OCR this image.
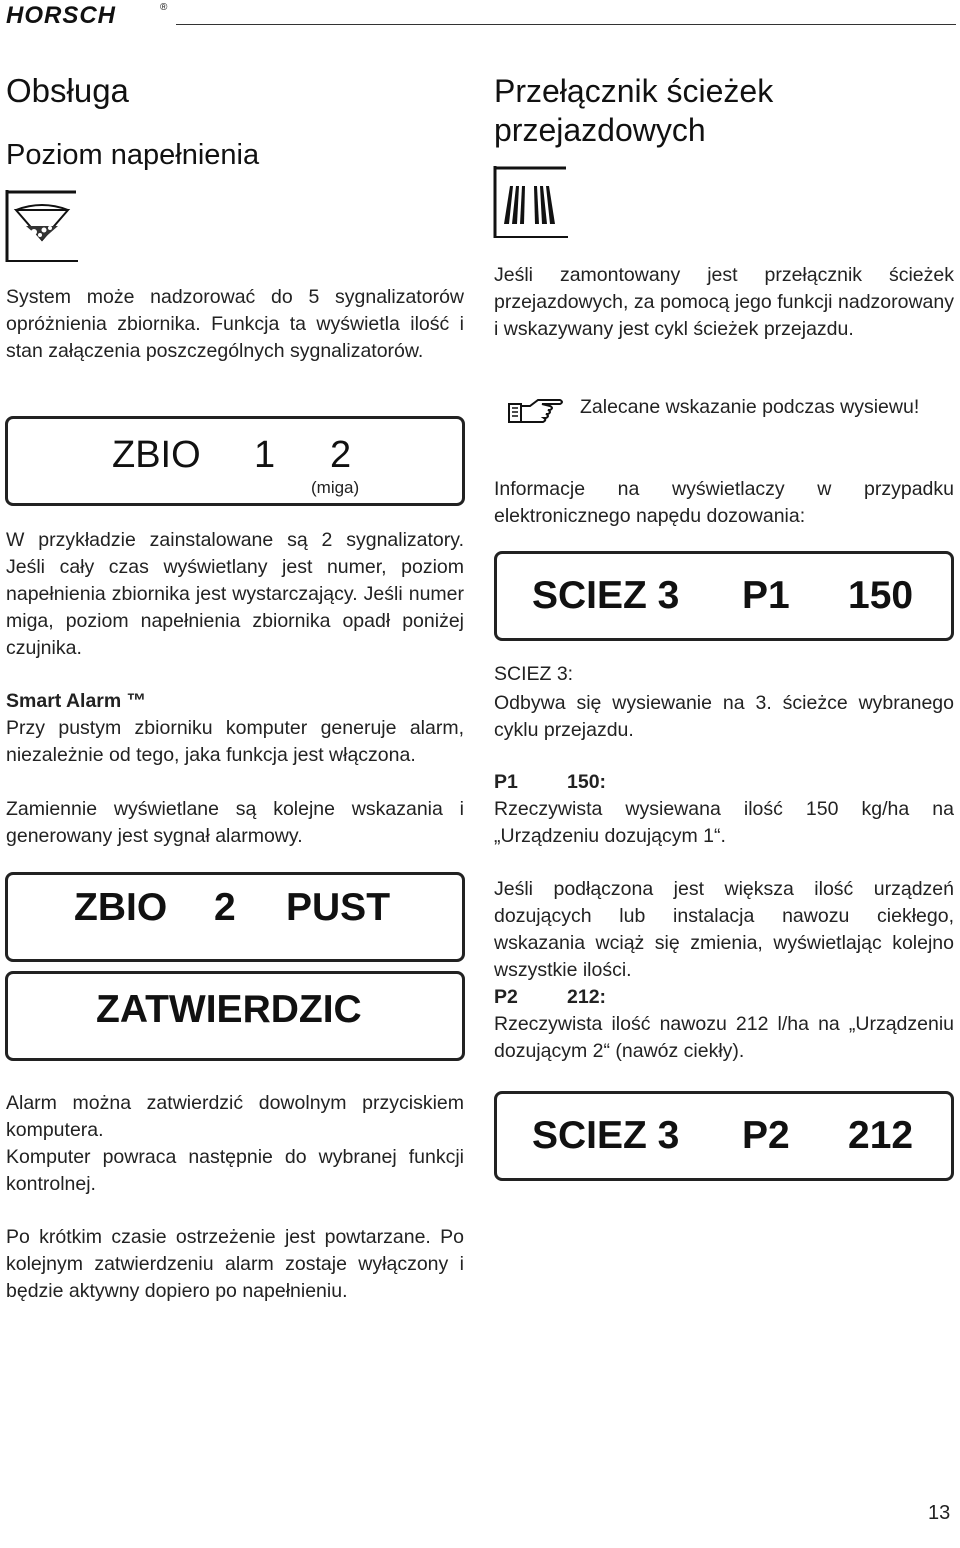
HORSCH	®
Obsługa
Poziom napełnienia
System może nadzorować do 5 sygnalizatorów opróżnienia zbiornika. Funkcja ta wyświetla ilość i stan załączenia poszczególnych sygnalizatorów.
ZBIO 1 2
(miga)
W przykładzie zainstalowane są 2 sygnalizatory. Jeśli cały czas wyświetlany jest numer, poziom napełnienia zbiornika jest wystarczający. Jeśli numer miga, poziom napełnienia zbiornika opadł poniżej czujnika.
Smart Alarm ™
Przy pustym zbiorniku komputer generuje alarm, niezależnie od tego, jaka funkcja jest włączona.
Zamiennie wyświetlane są kolejne wskazania i generowany jest sygnał alarmowy.
ZBIO 2 PUST
ZATWIERDZIC
Alarm można zatwierdzić dowolnym przyciskiem komputera.
Komputer powraca następnie do wybranej funkcji kontrolnej.
Po krótkim czasie ostrzeżenie jest powtarzane. Po kolejnym zatwierdzeniu alarm zostaje wyłączony i będzie aktywny dopiero po napełnieniu.
Przełącznik ścieżek
przejazdowych
Jeśli zamontowany jest przełącznik ścieżek przejazdowych, za pomocą jego funkcji nadzorowany i wskazywany jest cykl ścieżek przejazdu.
Zalecane wskazanie podczas wysiewu!
Informacje na wyświetlaczy w przypadku elektronicznego napędu dozowania:
SCIEZ 3 P1 150
SCIEZ 3:
Odbywa się wysiewanie na 3. ścieżce wybranego cyklu przejazdu.
P1	150:
Rzeczywista wysiewana ilość 150 kg/ha na „Urządzeniu dozującym 1“.
Jeśli podłączona jest większa ilość urządzeń dozujących lub instalacja nawozu ciekłego, wskazania wciąż się zmienia, wyświetlając kolejno wszystkie ilości.
P2	212:
Rzeczywista ilość nawozu 212 l/ha na „Urządzeniu dozującym 2“ (nawóz ciekły).
SCIEZ 3 P2 212
13
